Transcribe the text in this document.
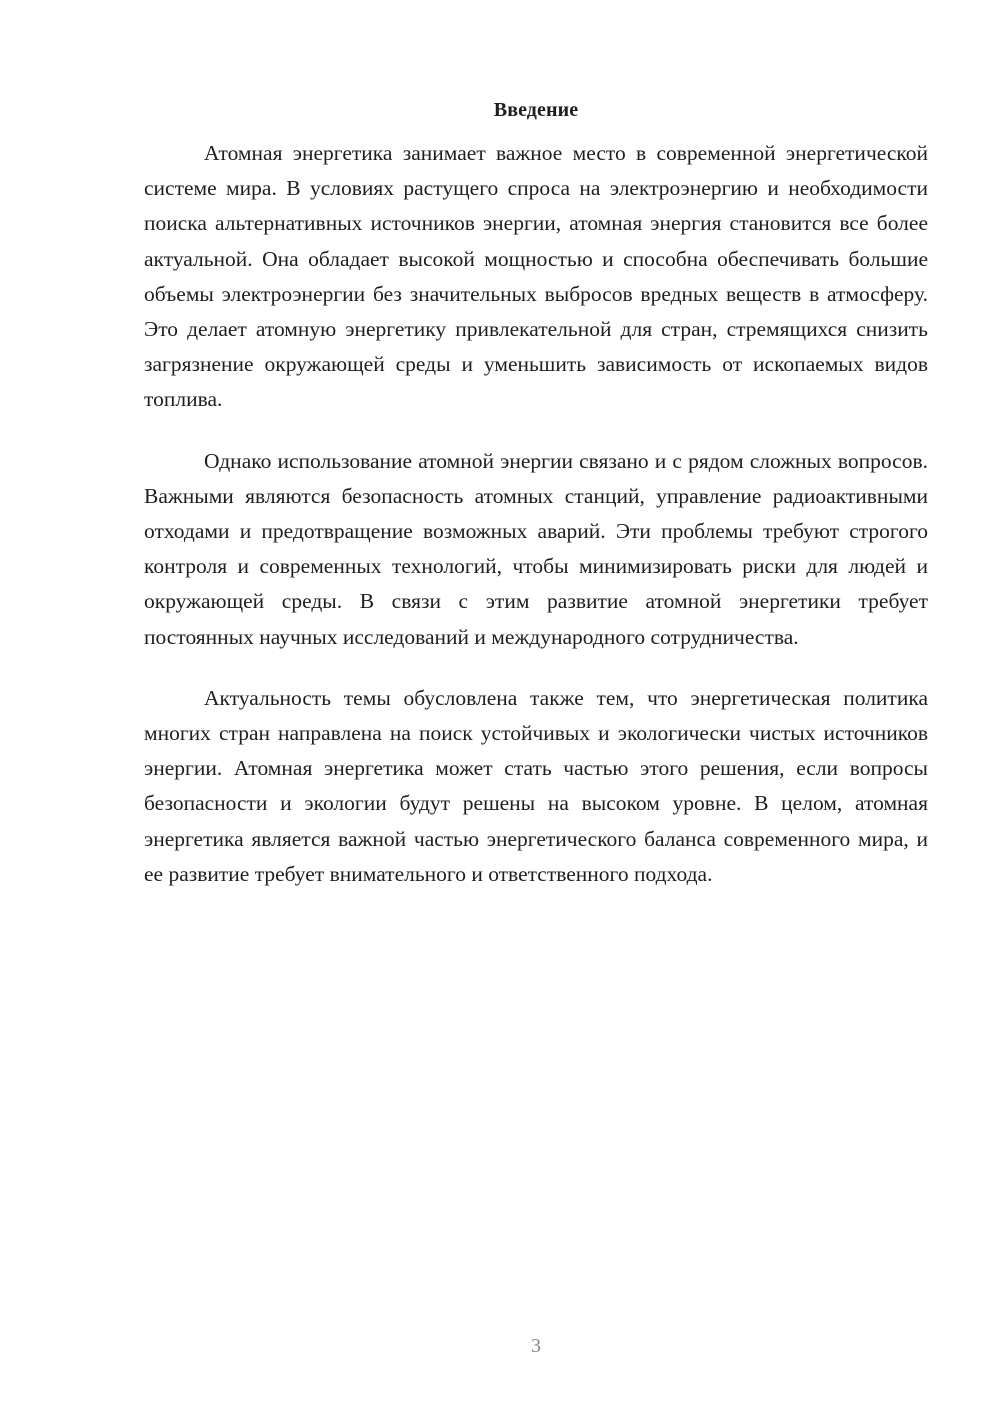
Введение

Атомная энергетика занимает важное место в современной энергетической системе мира. В условиях растущего спроса на электроэнергию и необходимости поиска альтернативных источников энергии, атомная энергия становится все более актуальной. Она обладает высокой мощностью и способна обеспечивать большие объемы электроэнергии без значительных выбросов вредных веществ в атмосферу. Это делает атомную энергетику привлекательной для стран, стремящихся снизить загрязнение окружающей среды и уменьшить зависимость от ископаемых видов топлива.

Однако использование атомной энергии связано и с рядом сложных вопросов. Важными являются безопасность атомных станций, управление радиоактивными отходами и предотвращение возможных аварий. Эти проблемы требуют строгого контроля и современных технологий, чтобы минимизировать риски для людей и окружающей среды. В связи с этим развитие атомной энергетики требует постоянных научных исследований и международного сотрудничества.

Актуальность темы обусловлена также тем, что энергетическая политика многих стран направлена на поиск устойчивых и экологически чистых источников энергии. Атомная энергетика может стать частью этого решения, если вопросы безопасности и экологии будут решены на высоком уровне. В целом, атомная энергетика является важной частью энергетического баланса современного мира, и ее развитие требует внимательного и ответственного подхода.

3
